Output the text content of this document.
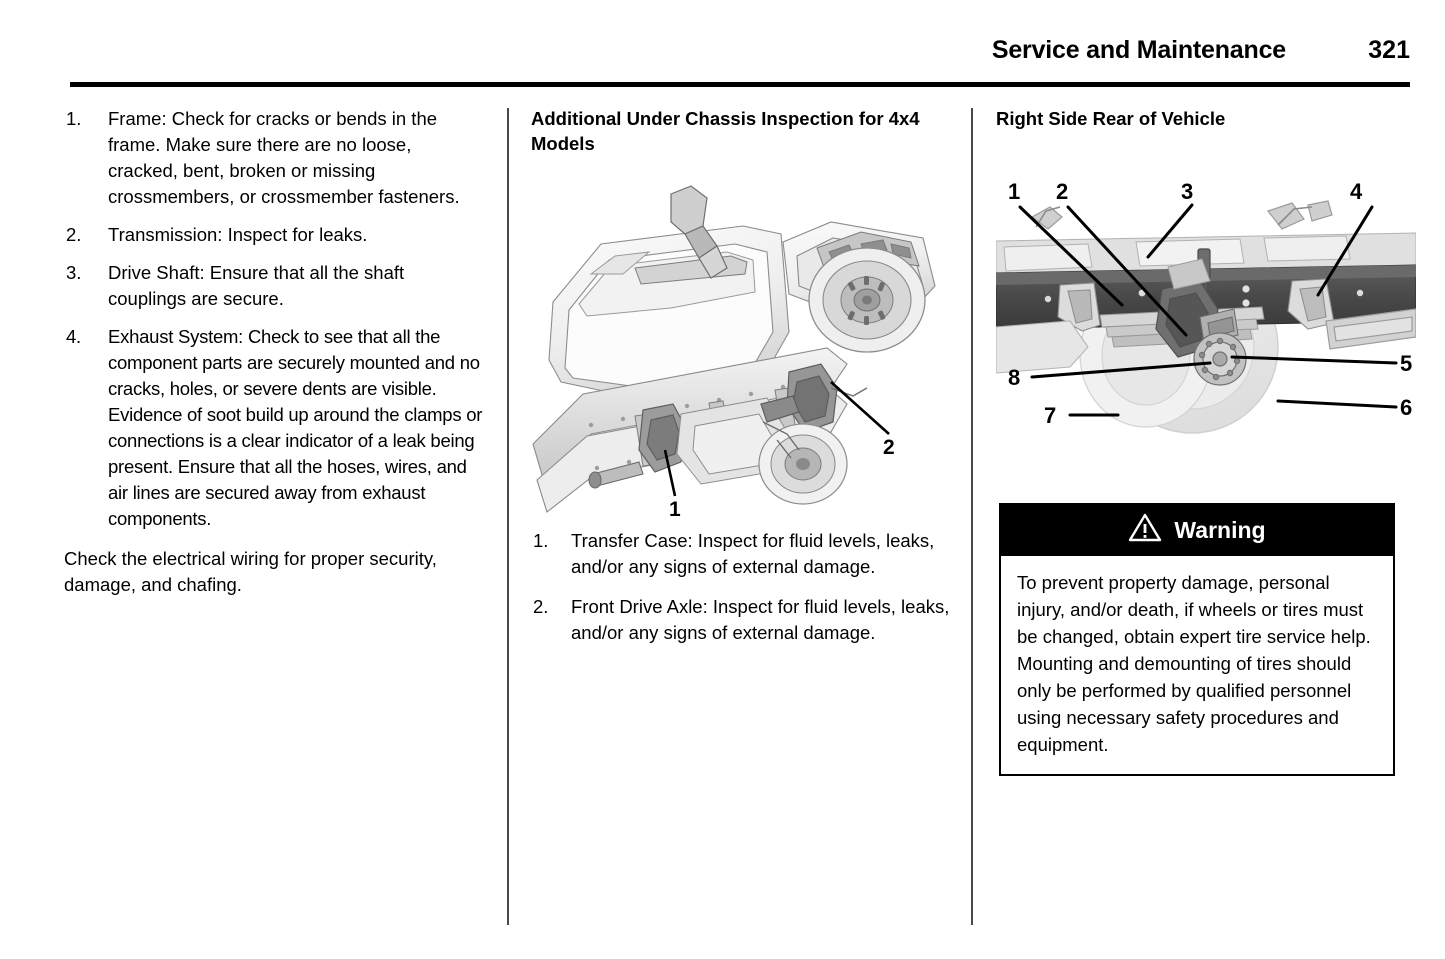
Service and Maintenance	321
1.	Frame: Check for cracks or bends in the frame. Make sure there are no loose, cracked, bent, broken or missing crossmembers, or crossmember fasteners.
2.	Transmission: Inspect for leaks.
3.	Drive Shaft: Ensure that all the shaft couplings are secure.
4.	Exhaust System: Check to see that all the component parts are securely mounted and no cracks, holes, or severe dents are visible. Evidence of soot build up around the clamps or connections is a clear indicator of a leak being present. Ensure that all the hoses, wires, and air lines are secured away from exhaust components.

Check the electrical wiring for proper security, damage, and chafing.

Additional Under Chassis Inspection for 4x4 Models
1
2
1.	Transfer Case: Inspect for fluid levels, leaks, and/or any signs of external damage.
2.	Front Drive Axle: Inspect for fluid levels, leaks, and/or any signs of external damage.
Right Side Rear of Vehicle
1 2	3	4
5
6
7
8
Warning
To prevent property damage, personal injury, and/or death, if wheels or tires must be changed, obtain expert tire service help. Mounting and demounting of tires should only be performed by qualified personnel using necessary safety procedures and equipment.
